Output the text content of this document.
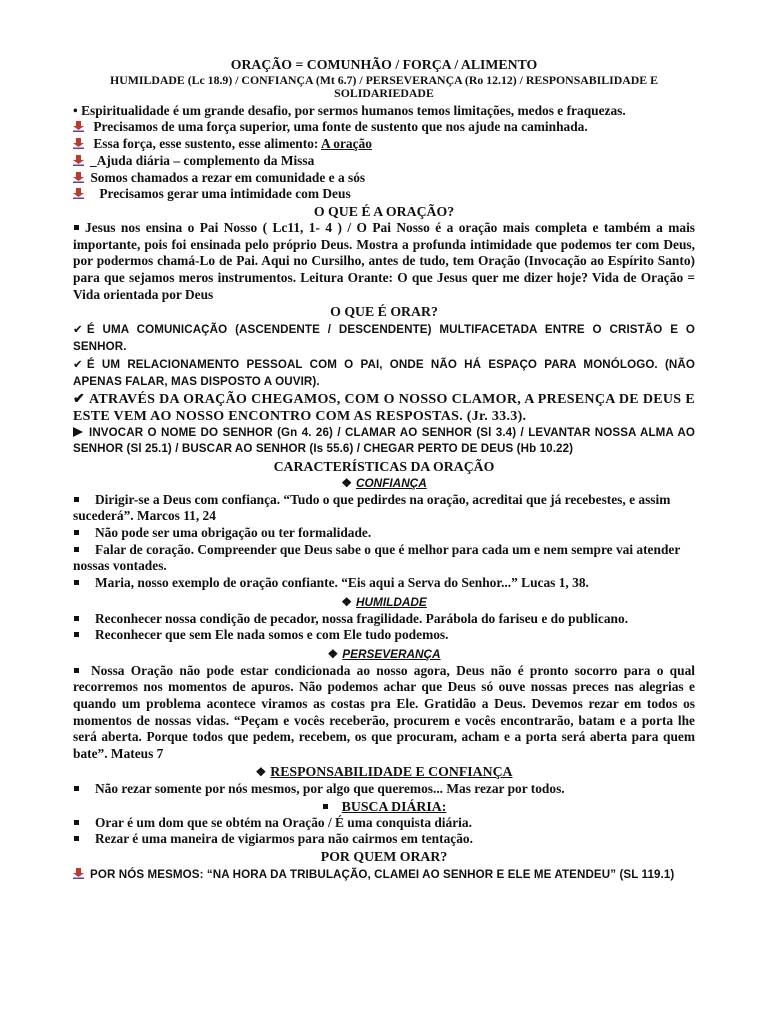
ORAÇÃO = COMUNHÃO / FORÇA / ALIMENTO
HUMILDADE (Lc 18.9) / CONFIANÇA (Mt 6.7) / PERSEVERANÇA (Ro 12.12) / RESPONSABILIDADE E
SOLIDARIEDADE
• Espiritualidade é um grande desafio, por sermos humanos temos limitações, medos e fraquezas.
Precisamos de uma força superior, uma fonte de sustento que nos ajude na caminhada.
Essa força, esse sustento, esse alimento: A oração
_Ajuda diária – complemento da Missa
Somos chamados a rezar em comunidade e a sós
Precisamos gerar uma intimidade com Deus
O QUE É A ORAÇÃO?
Jesus nos ensina o Pai Nosso ( Lc11, 1- 4 ) / O Pai Nosso é a oração mais completa e também a mais importante, pois foi ensinada pelo próprio Deus. Mostra a profunda intimidade que podemos ter com Deus, por podermos chamá-Lo de Pai. Aqui no Cursilho, antes de tudo, tem Oração (Invocação ao Espírito Santo) para que sejamos meros instrumentos. Leitura Orante: O que Jesus quer me dizer hoje? Vida de Oração = Vida orientada por Deus
O QUE É ORAR?
✔ É UMA COMUNICAÇÃO (ASCENDENTE / DESCENDENTE) MULTIFACETADA ENTRE O CRISTÃO E O SENHOR.
✔ É UM RELACIONAMENTO PESSOAL COM O PAI, ONDE NÃO HÁ ESPAÇO PARA MONÓLOGO. (NÃO APENAS FALAR, MAS DISPOSTO A OUVIR).
✔ ATRAVÉS DA ORAÇÃO CHEGAMOS, COM O NOSSO CLAMOR, A PRESENÇA DE DEUS E ESTE VEM AO NOSSO ENCONTRO COM AS RESPOSTAS. (Jr. 33.3).
INVOCAR O NOME DO SENHOR (Gn 4. 26) / CLAMAR AO SENHOR (Sl 3.4) / LEVANTAR NOSSA ALMA AO SENHOR (Sl 25.1) / BUSCAR AO SENHOR (Is 55.6) / CHEGAR PERTO DE DEUS (Hb 10.22)
CARACTERÍSTICAS DA ORAÇÃO
❖ CONFIANÇA
Dirigir-se a Deus com confiança. “Tudo o que pedirdes na oração, acreditai que já recebestes, e assim sucederá”. Marcos 11, 24
Não pode ser uma obrigação ou ter formalidade.
Falar de coração. Compreender que Deus sabe o que é melhor para cada um e nem sempre vai atender nossas vontades.
Maria, nosso exemplo de oração confiante. “Eis aqui a Serva do Senhor...” Lucas 1, 38.
❖ HUMILDADE
Reconhecer nossa condição de pecador, nossa fragilidade. Parábola do fariseu e do publicano.
Reconhecer que sem Ele nada somos e com Ele tudo podemos.
❖ PERSEVERANÇA
Nossa Oração não pode estar condicionada ao nosso agora, Deus não é pronto socorro para o qual recorremos nos momentos de apuros. Não podemos achar que Deus só ouve nossas preces nas alegrias e quando um problema acontece viramos as costas pra Ele. Gratidão a Deus. Devemos rezar em todos os momentos de nossas vidas. “Peçam e vocês receberão, procurem e vocês encontrarão, batam e a porta lhe será aberta. Porque todos que pedem, recebem, os que procuram, acham e a porta será aberta para quem bate”. Mateus 7
❖ RESPONSABILIDADE E CONFIANÇA
Não rezar somente por nós mesmos, por algo que queremos... Mas rezar por todos.
BUSCA DIÁRIA:
Orar é um dom que se obtém na Oração / É uma conquista diária.
Rezar é uma maneira de vigiarmos para não cairmos em tentação.
POR QUEM ORAR?
POR NÓS MESMOS: “NA HORA DA TRIBULAÇÃO, CLAMEI AO SENHOR E ELE ME ATENDEU” (SL 119.1)
